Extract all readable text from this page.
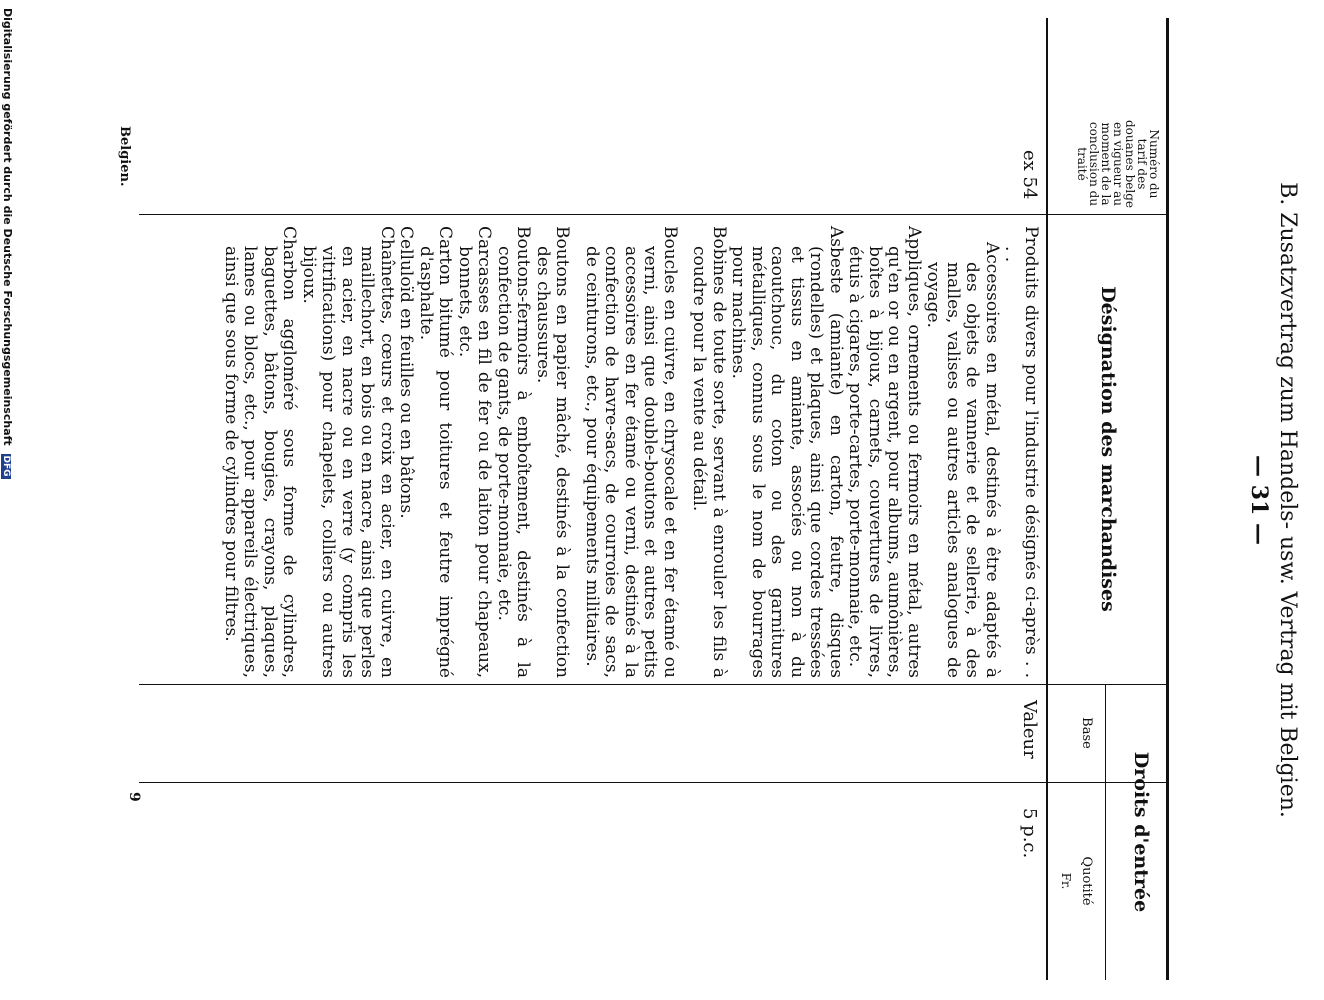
B. Zusatzvertrag zum Handels- usw. Vertrag mit Belgien.
— 31 —
Numéro du tarif des douanes belge en vigueur au moment de la conclusion du traité
Désignation des marchandises
Droits d'entrée
Base
Quotité
Fr.
ex 54
Valeur
5 p.c.
Produits divers pour l'industrie désignés ci-après . . . .
Accessoires en métal, destinés à être adaptés à des objets de vannerie et de sellerie, à des malles, valises ou autres articles analogues de voyage.
Appliques, ornements ou fermoirs en métal, autres qu'en or ou en argent, pour albums, aumônières, boîtes à bijoux, carnets, couvertures de livres, étuis à cigares, porte-cartes, porte-monnaie, etc.
Asbeste (amiante) en carton, feutre, disques (rondelles) et plaques, ainsi que cordes tressées et tissus en amiante, associés ou non à du caoutchouc, du coton ou des garnitures métalliques, connus sous le nom de bourrages pour machines.
Bobines de toute sorte, servant à enrouler les fils à coudre pour la vente au détail.
Boucles en cuivre, en chrysocale et en fer étamé ou verni, ainsi que double-boutons et autres petits accessoires en fer étamé ou verni, destinés à la confection de havre-sacs, de courroies de sacs, de ceinturons, etc., pour équipements militaires.
Boutons en papier mâché, destinés à la confection des chaussures.
Boutons-fermoirs à emboîtement, destinés à la confection de gants, de porte-monnaie, etc.
Carcasses en fil de fer ou de laiton pour chapeaux, bonnets, etc.
Carton bitumé pour toitures et feutre imprégné d'asphalte.
Celluloïd en feuilles ou en bâtons.
Chaînettes, cœurs et croix en acier, en cuivre, en maillechort, en bois ou en nacre, ainsi que perles en acier, en nacre ou en verre (y compris les vitrifications) pour chapelets, colliers ou autres bijoux.
Charbon aggloméré sous forme de cylindres, baguettes, bâtons, bougies, crayons, plaques, lames ou blocs, etc., pour appareils électriques, ainsi que sous forme de cylindres pour filtres.
Belgien.
9
Digitalisierung gefördert durch die Deutsche Forschungsgemeinschaft DFG
